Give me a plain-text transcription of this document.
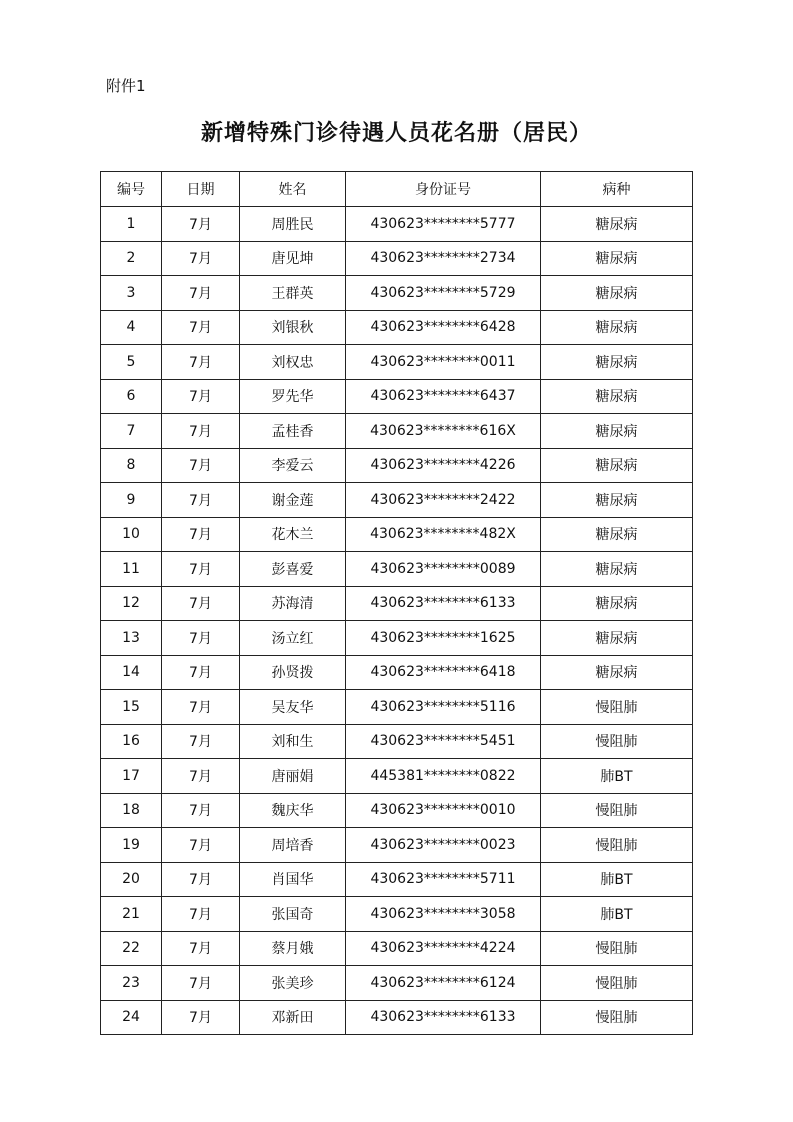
附件1
新增特殊门诊待遇人员花名册（居民）
编号	日期	姓名	身份证号	病种
1	7月	周胜民	430623********5777	糖尿病
2	7月	唐见坤	430623********2734	糖尿病
3	7月	王群英	430623********5729	糖尿病
4	7月	刘银秋	430623********6428	糖尿病
5	7月	刘权忠	430623********0011	糖尿病
6	7月	罗先华	430623********6437	糖尿病
7	7月	孟桂香	430623********616X	糖尿病
8	7月	李爱云	430623********4226	糖尿病
9	7月	谢金莲	430623********2422	糖尿病
10	7月	花木兰	430623********482X	糖尿病
11	7月	彭喜爱	430623********0089	糖尿病
12	7月	苏海清	430623********6133	糖尿病
13	7月	汤立红	430623********1625	糖尿病
14	7月	孙贤拨	430623********6418	糖尿病
15	7月	吴友华	430623********5116	慢阻肺
16	7月	刘和生	430623********5451	慢阻肺
17	7月	唐丽娟	445381********0822	肺BT
18	7月	魏庆华	430623********0010	慢阻肺
19	7月	周培香	430623********0023	慢阻肺
20	7月	肖国华	430623********5711	肺BT
21	7月	张国奇	430623********3058	肺BT
22	7月	蔡月娥	430623********4224	慢阻肺
23	7月	张美珍	430623********6124	慢阻肺
24	7月	邓新田	430623********6133	慢阻肺
